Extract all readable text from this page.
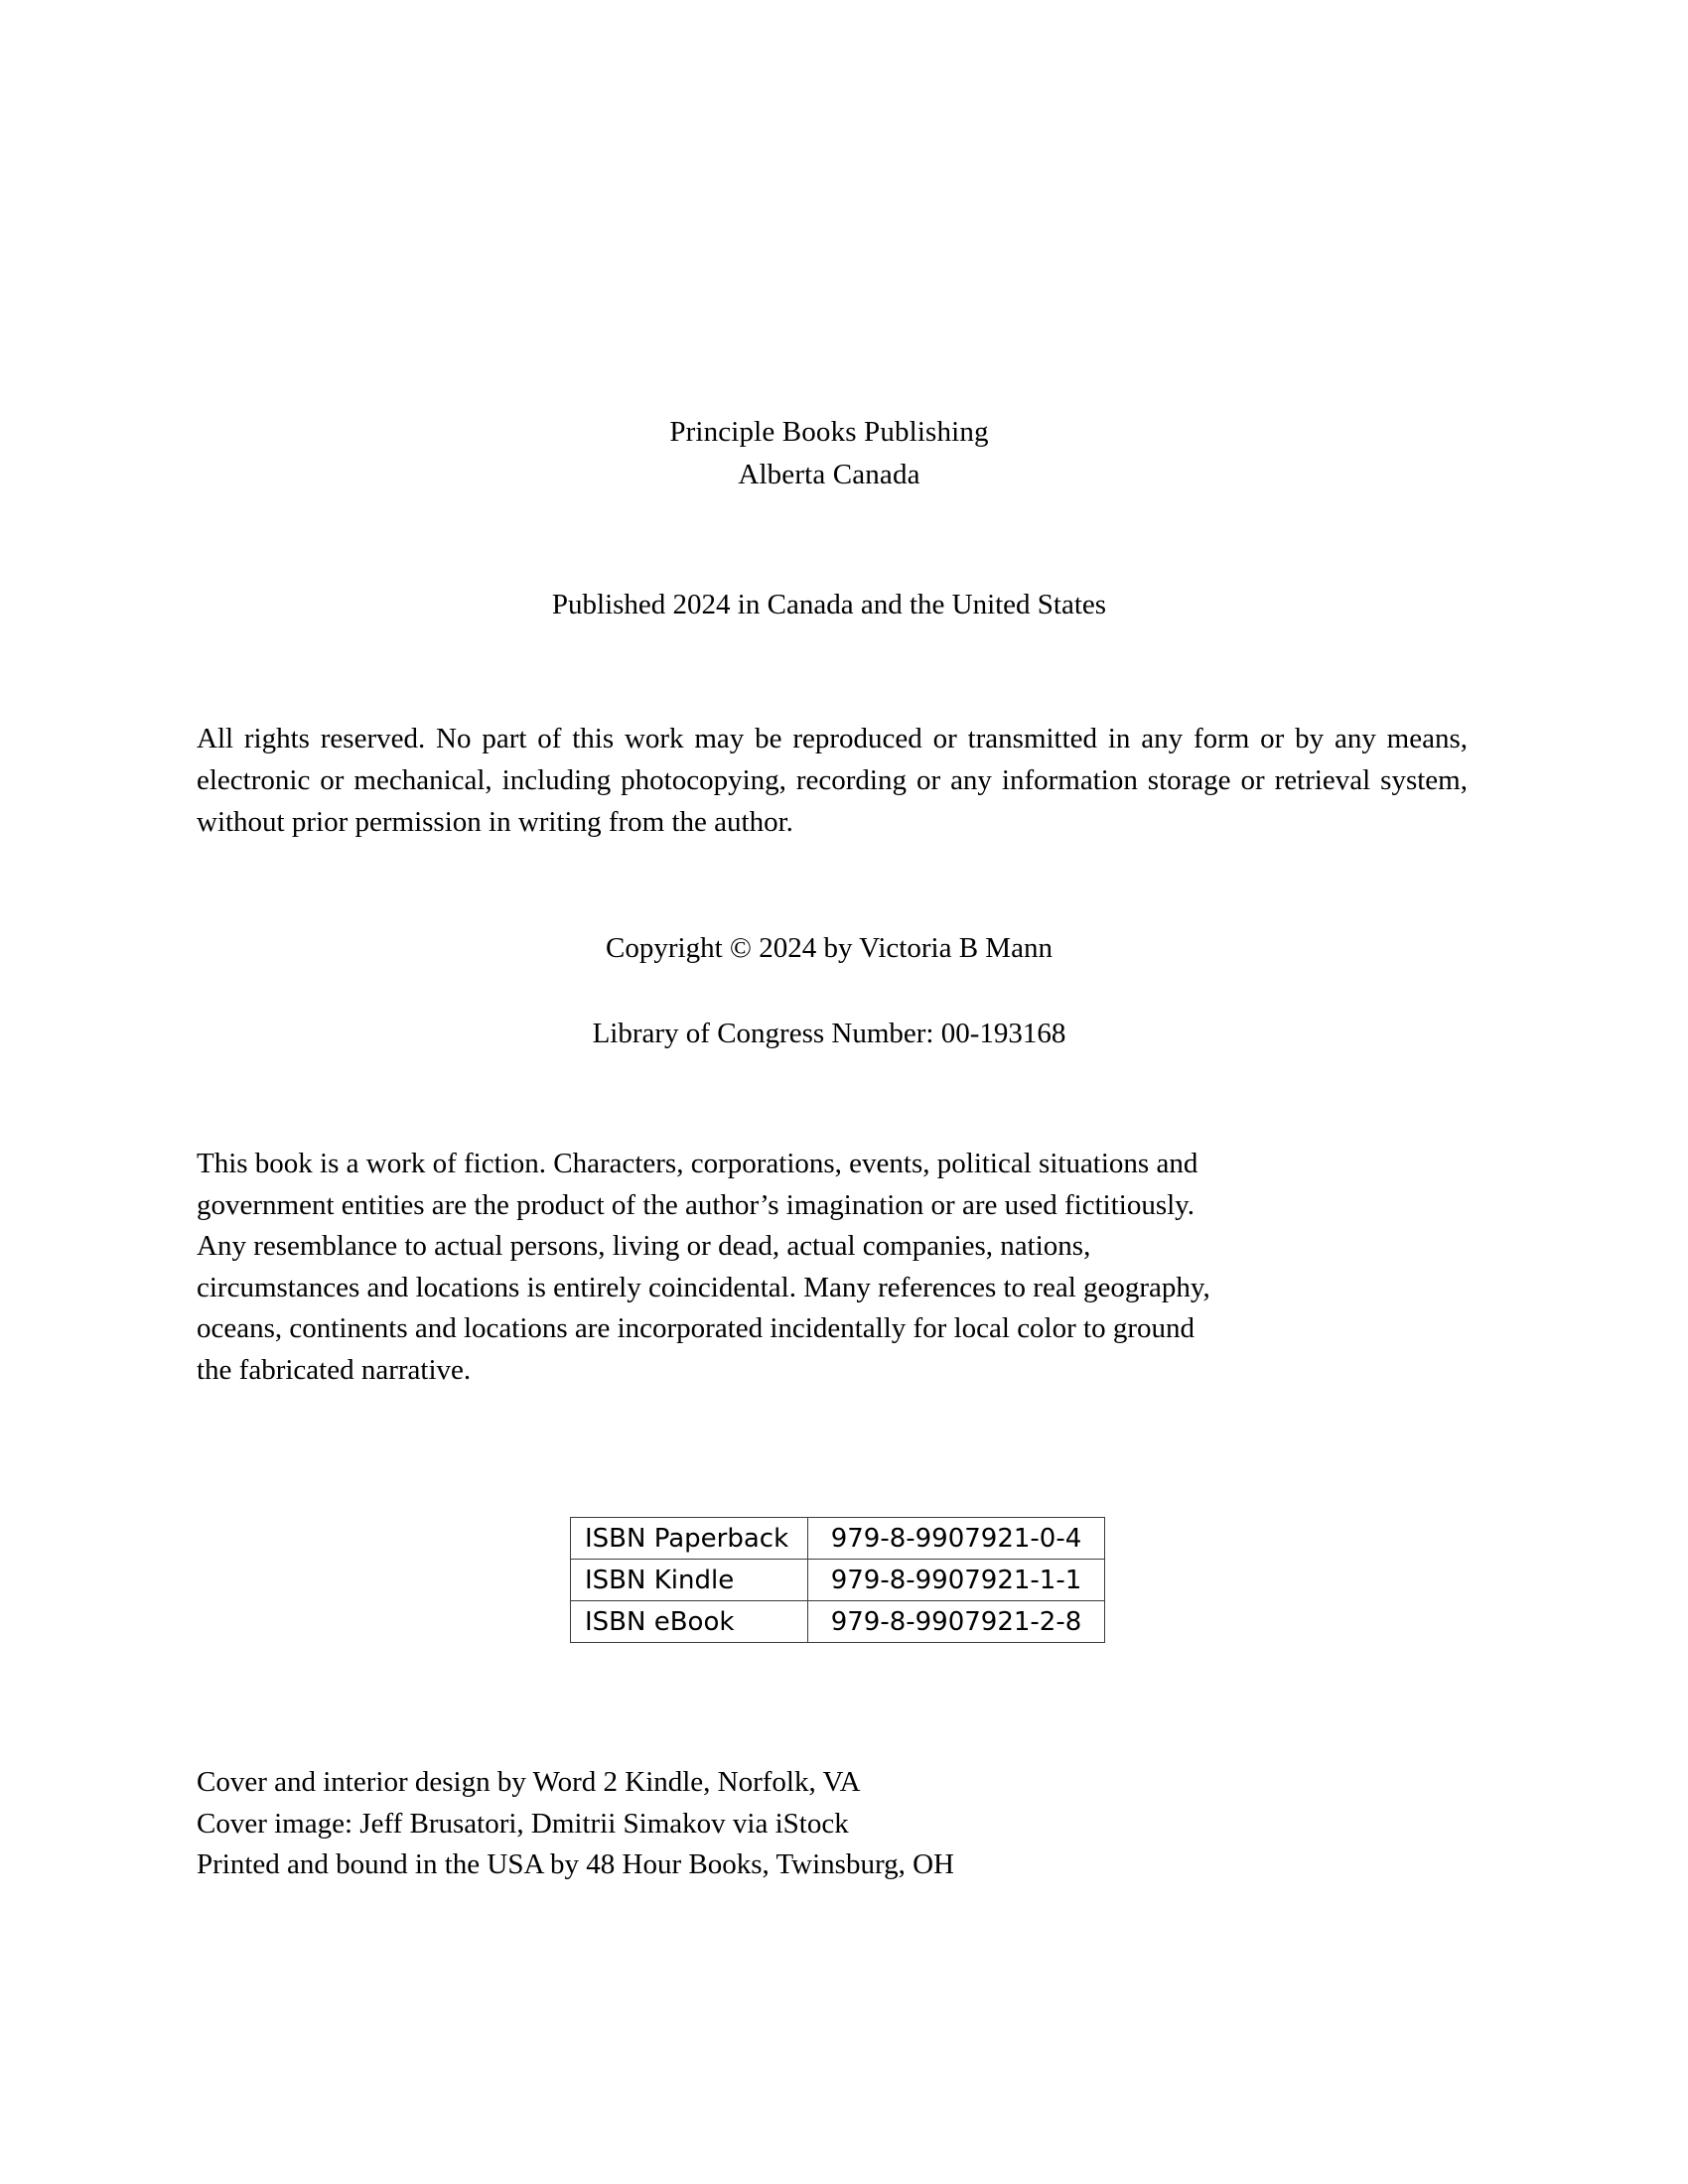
Principle Books Publishing
Alberta Canada
Published 2024 in Canada and the United States

All rights reserved. No part of this work may be reproduced or transmitted in any form or by any means, electronic or mechanical, including photocopying, recording or any information storage or retrieval system, without prior permission in writing from the author.

Copyright © 2024 by Victoria B Mann
Library of Congress Number: 00-193168
This book is a work of fiction. Characters, corporations, events, political situations and
government entities are the product of the author’s imagination or are used fictitiously.
Any resemblance to actual persons, living or dead, actual companies, nations,
circumstances and locations is entirely coincidental. Many references to real geography,
oceans, continents and locations are incorporated incidentally for local color to ground
the fabricated narrative.
ISBN Paperback	979-8-9907921-0-4
ISBN Kindle	979-8-9907921-1-1
ISBN eBook	979-8-9907921-2-8
Cover and interior design by Word 2 Kindle, Norfolk, VA
Cover image: Jeff Brusatori, Dmitrii Simakov via iStock
Printed and bound in the USA by 48 Hour Books, Twinsburg, OH
